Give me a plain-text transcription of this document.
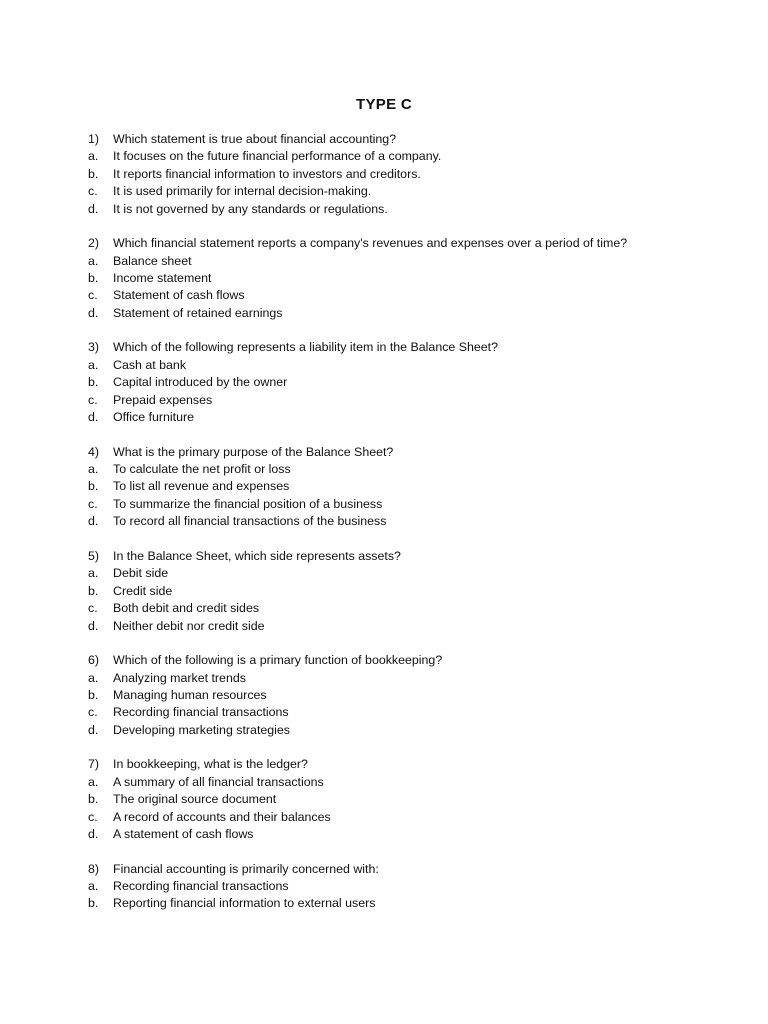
TYPE C
1)	Which statement is true about financial accounting?
a.	It focuses on the future financial performance of a company.
b.	It reports financial information to investors and creditors.
c.	It is used primarily for internal decision-making.
d.	It is not governed by any standards or regulations.
2)	Which financial statement reports a company's revenues and expenses over a period of time?
a.	Balance sheet
b.	Income statement
c.	Statement of cash flows
d.	Statement of retained earnings
3)	Which of the following represents a liability item in the Balance Sheet?
a.	Cash at bank
b.	Capital introduced by the owner
c.	Prepaid expenses
d.	Office furniture
4)	What is the primary purpose of the Balance Sheet?
a.	To calculate the net profit or loss
b.	To list all revenue and expenses
c.	To summarize the financial position of a business
d.	To record all financial transactions of the business
5)	In the Balance Sheet, which side represents assets?
a.	Debit side
b.	Credit side
c.	Both debit and credit sides
d.	Neither debit nor credit side
6)	Which of the following is a primary function of bookkeeping?
a.	Analyzing market trends
b.	Managing human resources
c.	Recording financial transactions
d.	Developing marketing strategies
7)	In bookkeeping, what is the ledger?
a.	A summary of all financial transactions
b.	The original source document
c.	A record of accounts and their balances
d.	A statement of cash flows
8)	Financial accounting is primarily concerned with:
a.	Recording financial transactions
b.	Reporting financial information to external users
